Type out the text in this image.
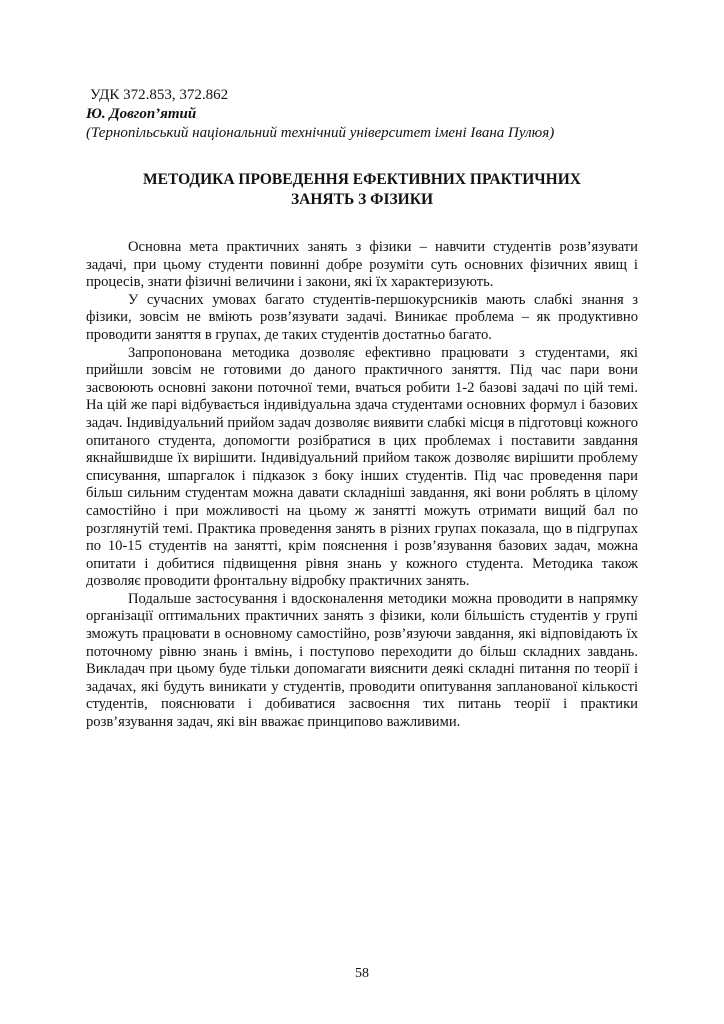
УДК 372.853, 372.862

Ю. Довгоп’ятий

(Тернопільський національний технічний університет імені Івана Пулюя)

МЕТОДИКА ПРОВЕДЕННЯ ЕФЕКТИВНИХ ПРАКТИЧНИХ
ЗАНЯТЬ З ФІЗИКИ

Основна мета практичних занять з фізики – навчити студентів розв’язувати задачі, при цьому студенти повинні добре розуміти суть основних фізичних явищ і процесів, знати фізичні величини і закони, які їх характеризують.

У сучасних умовах багато студентів-першокурсників мають слабкі знання з фізики, зовсім не вміють розв’язувати задачі. Виникає проблема – як продуктивно проводити заняття в групах, де таких студентів достатньо багато.

Запропонована методика дозволяє ефективно працювати з студентами, які прийшли зовсім не готовими до даного практичного заняття. Під час пари вони засвоюють основні закони поточної теми, вчаться робити 1-2 базові задачі по цій темі. На цій же парі відбувається індивідуальна здача студентами основних формул і базових задач. Індивідуальний прийом задач дозволяє виявити слабкі місця в підготовці кожного опитаного студента, допомогти розібратися в цих проблемах і поставити завдання якнайшвидше їх вирішити. Індивідуальний прийом також дозволяє вирішити проблему списування, шпаргалок і підказок з боку інших студентів. Під час проведення пари більш сильним студентам можна давати складніші завдання, які вони роблять в цілому самостійно і при можливості на цьому ж занятті можуть отримати вищий бал по розглянутій темі. Практика проведення занять в різних групах показала, що в підгрупах по 10-15 студентів на занятті, крім пояснення і розв’язування базових задач, можна опитати і добитися підвищення рівня знань у кожного студента. Методика також дозволяє проводити фронтальну відробку практичних занять.

Подальше застосування і вдосконалення методики можна проводити в напрямку організації оптимальних практичних занять з фізики, коли більшість студентів у групі зможуть працювати в основному самостійно, розв’язуючи завдання, які відповідають їх поточному рівню знань і вмінь, і поступово переходити до більш складних завдань. Викладач при цьому буде тільки допомагати вияснити деякі складні питання по теорії і задачах, які будуть виникати у студентів, проводити опитування запланованої кількості студентів, пояснювати і добиватися засвоєння тих питань теорії і практики розв’язування задач, які він вважає принципово важливими.

58
